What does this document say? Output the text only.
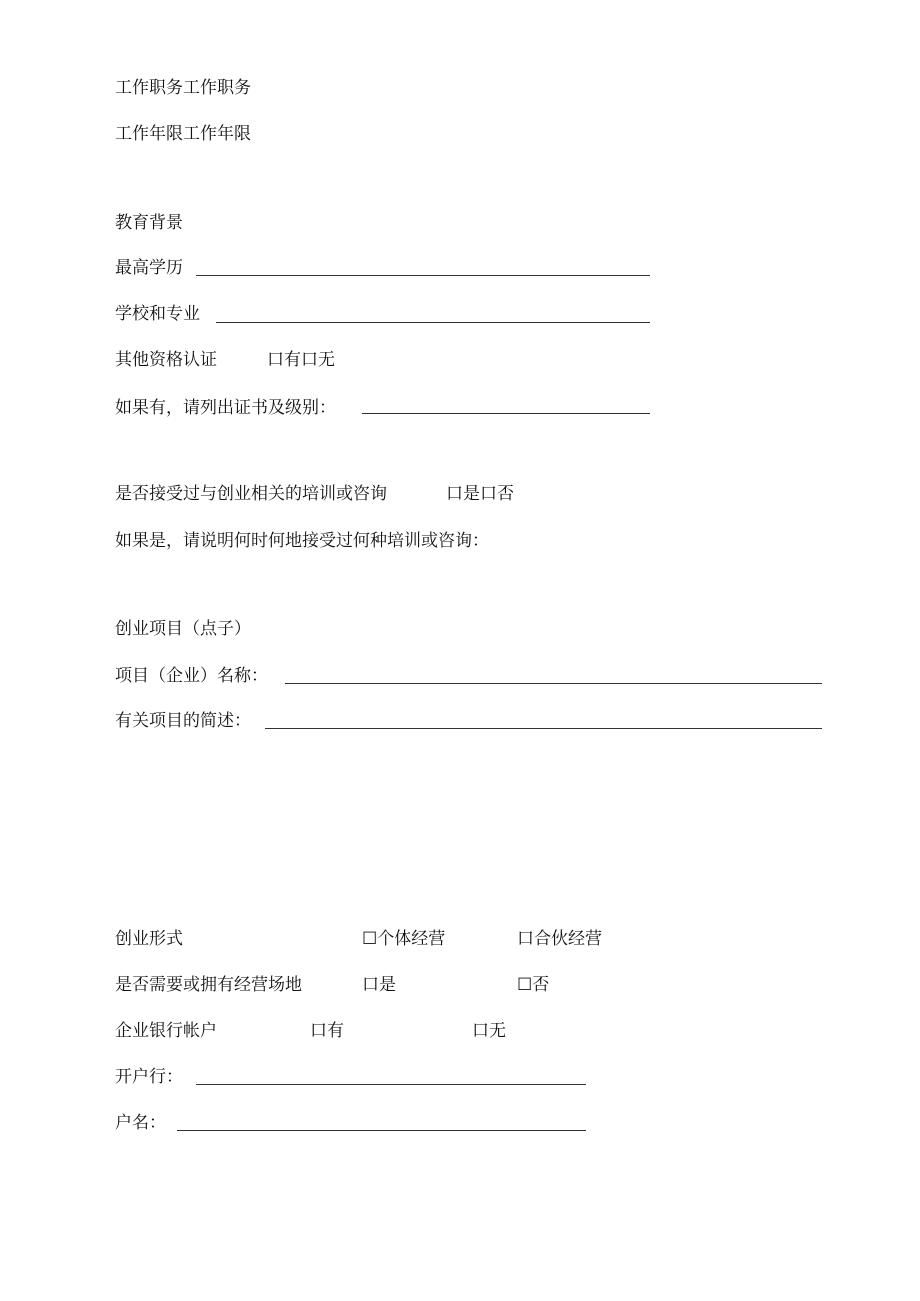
工作职务工作职务
工作年限工作年限
教育背景
最高学历
学校和专业
其他资格认证	口有口无
如果有，请列出证书及级别：
是否接受过与创业相关的培训或咨询	口是口否
如果是，请说明何时何地接受过何种培训或咨询：
创业项目（点子）
项目（企业）名称：
有关项目的简述：
创业形式	☐个体经营	口合伙经营
是否需要或拥有经营场地	口是	☐否
企业银行帐户	口有	口无
开户行：
户名：
